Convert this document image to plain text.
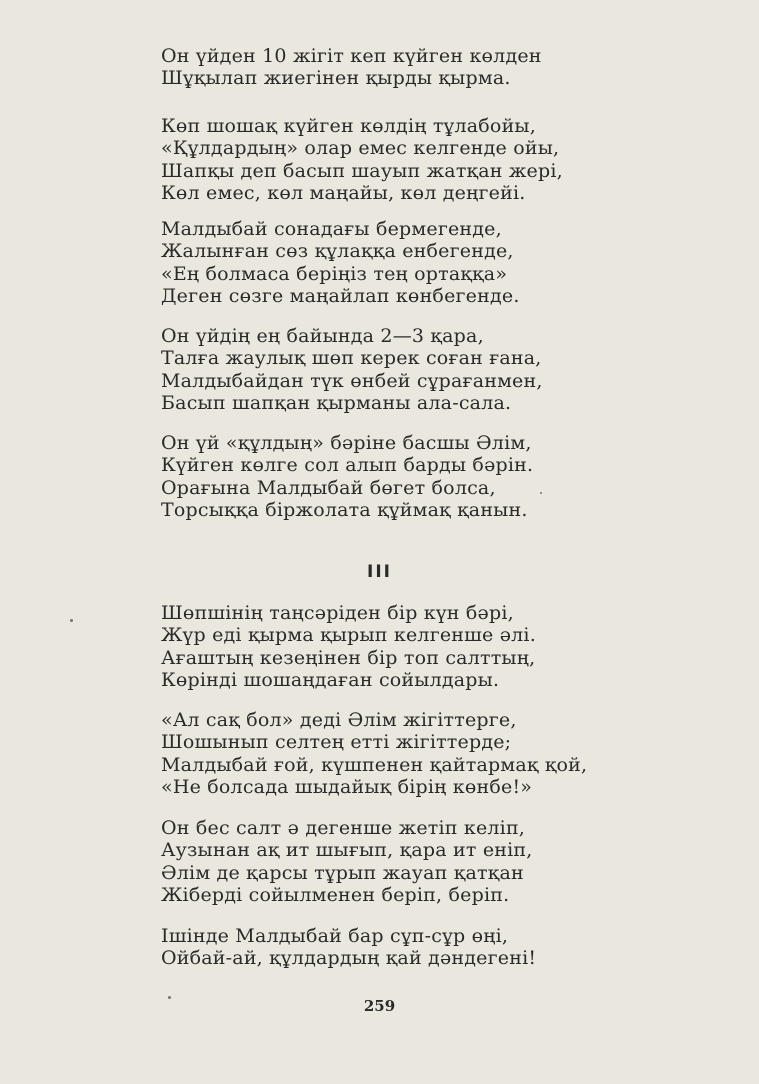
Он үйден 10 жігіт кеп күйген көлден
Шұқылап жиегінен қырды қырма.
Көп шошақ күйген көлдің тұлабойы,
«Құлдардың» олар емес келгенде ойы,
Шапқы деп басып шауып жатқан жері,
Көл емес, көл маңайы, көл деңгейі.
Малдыбай сонадағы бермегенде,
Жалынған сөз құлаққа енбегенде,
«Ең болмаса беріңіз тең ортаққа»
Деген сөзге маңайлап көнбегенде.
Он үйдің ең байында 2—3 қара,
Талға жаулық шөп керек соған ғана,
Малдыбайдан түк өнбей сұрағанмен,
Басып шапқан қырманы ала-сала.
Он үй «құлдың» бәріне басшы Әлім,
Күйген көлге сол алып барды бәрін.
Орағына Малдыбай бөгет болса,
Торсыққа біржолата құймақ қанын.
III
Шөпшінің таңсәріден бір күн бәрі,
Жүр еді қырма қырып келгенше әлі.
Ағаштың кезеңінен бір топ салттың,
Көрінді шошаңдаған сойылдары.
«Ал сақ бол» деді Әлім жігіттерге,
Шошынып селтең етті жігіттерде;
Малдыбай ғой, күшпенен қайтармақ қой,
«Не болсада шыдайық бірің көнбе!»
Он бес салт ә дегенше жетіп келіп,
Аузынан ақ ит шығып, қара ит еніп,
Әлім де қарсы тұрып жауап қатқан
Жіберді сойылменен беріп, беріп.
Ішінде Малдыбай бар сұп-сұр өңі,
Ойбай-ай, құлдардың қай дәндегені!
259
